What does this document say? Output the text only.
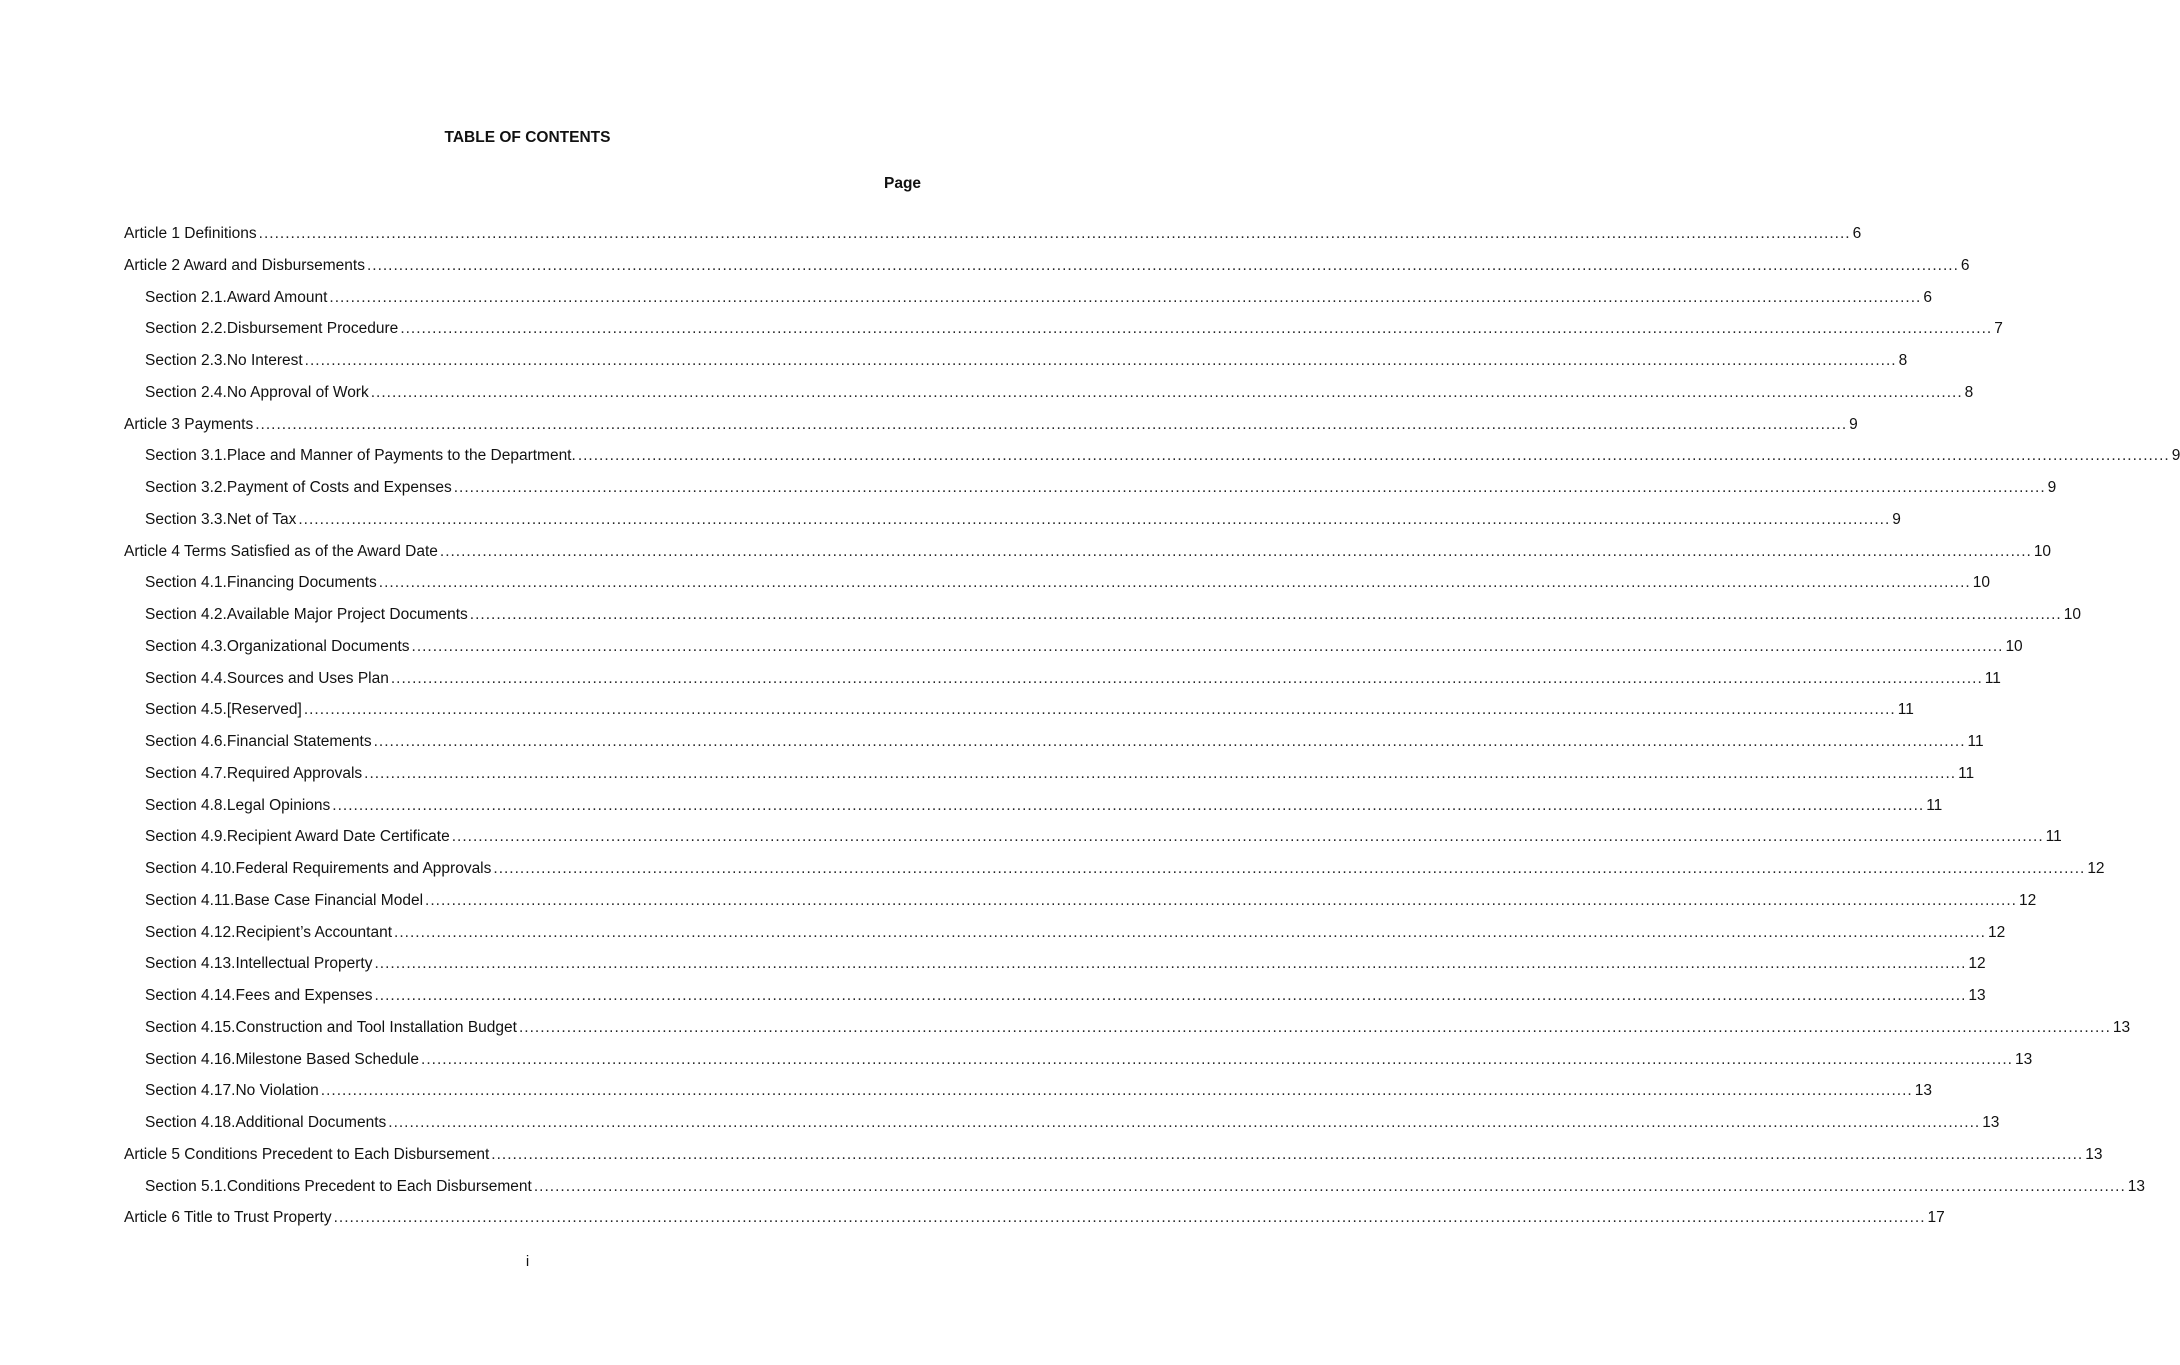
TABLE OF CONTENTS
Page
Article 1 Definitions ............................................................................................................................................................................................................................................................................................................ 6
Article 2 Award and Disbursements ............................................................................................................................................................................................................................................................................................................ 6
Section 2.1. Award Amount ............................................................................................................................................................................................................................................................................................................ 6
Section 2.2. Disbursement Procedure ............................................................................................................................................................................................................................................................................................................ 7
Section 2.3. No Interest ............................................................................................................................................................................................................................................................................................................ 8
Section 2.4. No Approval of Work ............................................................................................................................................................................................................................................................................................................ 8
Article 3 Payments ............................................................................................................................................................................................................................................................................................................ 9
Section 3.1. Place and Manner of Payments to the Department. ............................................................................................................................................................................................................................................................................................................ 9
Section 3.2. Payment of Costs and Expenses ............................................................................................................................................................................................................................................................................................................ 9
Section 3.3. Net of Tax ............................................................................................................................................................................................................................................................................................................ 9
Article 4 Terms Satisfied as of the Award Date ............................................................................................................................................................................................................................................................................................................ 10
Section 4.1. Financing Documents ............................................................................................................................................................................................................................................................................................................ 10
Section 4.2. Available Major Project Documents ............................................................................................................................................................................................................................................................................................................ 10
Section 4.3. Organizational Documents ............................................................................................................................................................................................................................................................................................................ 10
Section 4.4. Sources and Uses Plan ............................................................................................................................................................................................................................................................................................................ 11
Section 4.5. [Reserved] ............................................................................................................................................................................................................................................................................................................ 11
Section 4.6. Financial Statements ............................................................................................................................................................................................................................................................................................................ 11
Section 4.7. Required Approvals ............................................................................................................................................................................................................................................................................................................ 11
Section 4.8. Legal Opinions ............................................................................................................................................................................................................................................................................................................ 11
Section 4.9. Recipient Award Date Certificate ............................................................................................................................................................................................................................................................................................................ 11
Section 4.10. Federal Requirements and Approvals ............................................................................................................................................................................................................................................................................................................ 12
Section 4.11. Base Case Financial Model ............................................................................................................................................................................................................................................................................................................ 12
Section 4.12. Recipient’s Accountant ............................................................................................................................................................................................................................................................................................................ 12
Section 4.13. Intellectual Property ............................................................................................................................................................................................................................................................................................................ 12
Section 4.14. Fees and Expenses ............................................................................................................................................................................................................................................................................................................ 13
Section 4.15. Construction and Tool Installation Budget ............................................................................................................................................................................................................................................................................................................ 13
Section 4.16. Milestone Based Schedule ............................................................................................................................................................................................................................................................................................................ 13
Section 4.17. No Violation ............................................................................................................................................................................................................................................................................................................ 13
Section 4.18. Additional Documents ............................................................................................................................................................................................................................................................................................................ 13
Article 5 Conditions Precedent to Each Disbursement ............................................................................................................................................................................................................................................................................................................ 13
Section 5.1. Conditions Precedent to Each Disbursement ............................................................................................................................................................................................................................................................................................................ 13
Article 6 Title to Trust Property ............................................................................................................................................................................................................................................................................................................ 17
i
